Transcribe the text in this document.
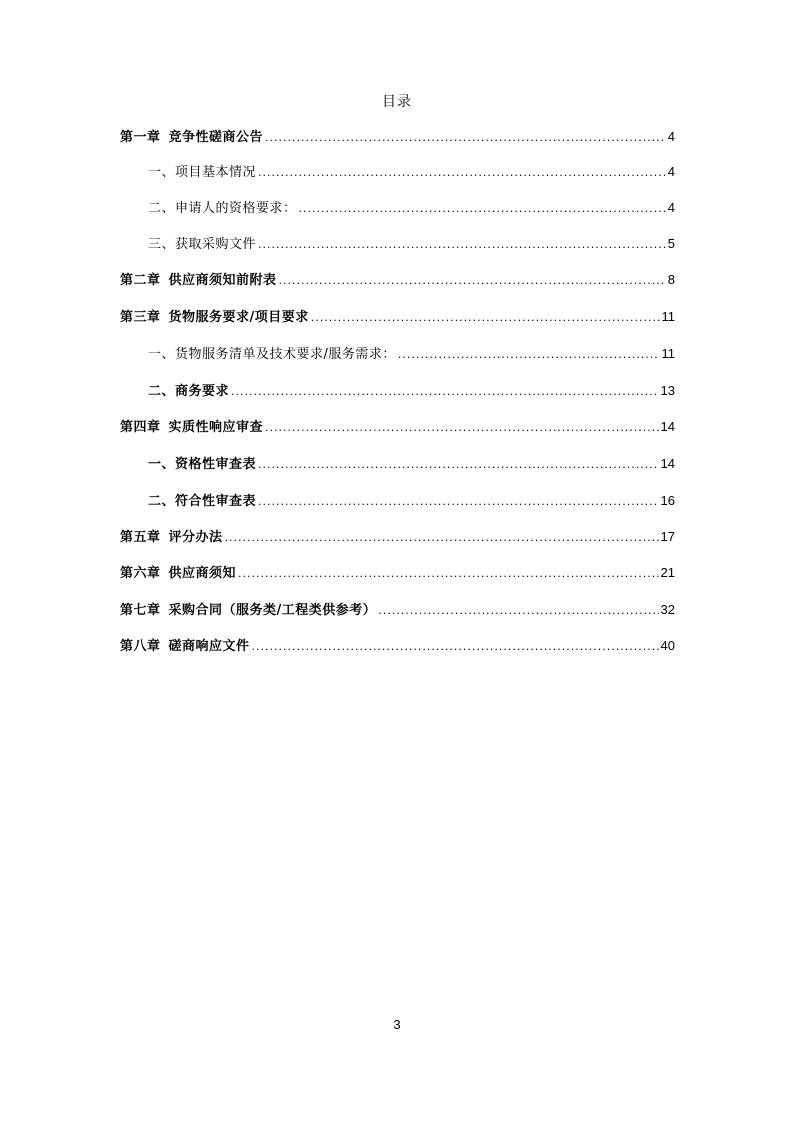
目录
第一章 竞争性磋商公告 .....	4
一、项目基本情况 .....	4
二、申请人的资格要求： .....	4
三、获取采购文件 .....	5
第二章 供应商须知前附表 .....	8
第三章 货物服务要求/项目要求 .....	11
一、货物服务清单及技术要求/服务需求： .....	11
二、商务要求 .....	13
第四章 实质性响应审查 .....	14
一、资格性审查表 .....	14
二、符合性审查表 .....	16
第五章 评分办法 .....	17
第六章 供应商须知 .....	21
第七章 采购合同（服务类/工程类供参考） .....	32
第八章 磋商响应文件 .....	40
3
